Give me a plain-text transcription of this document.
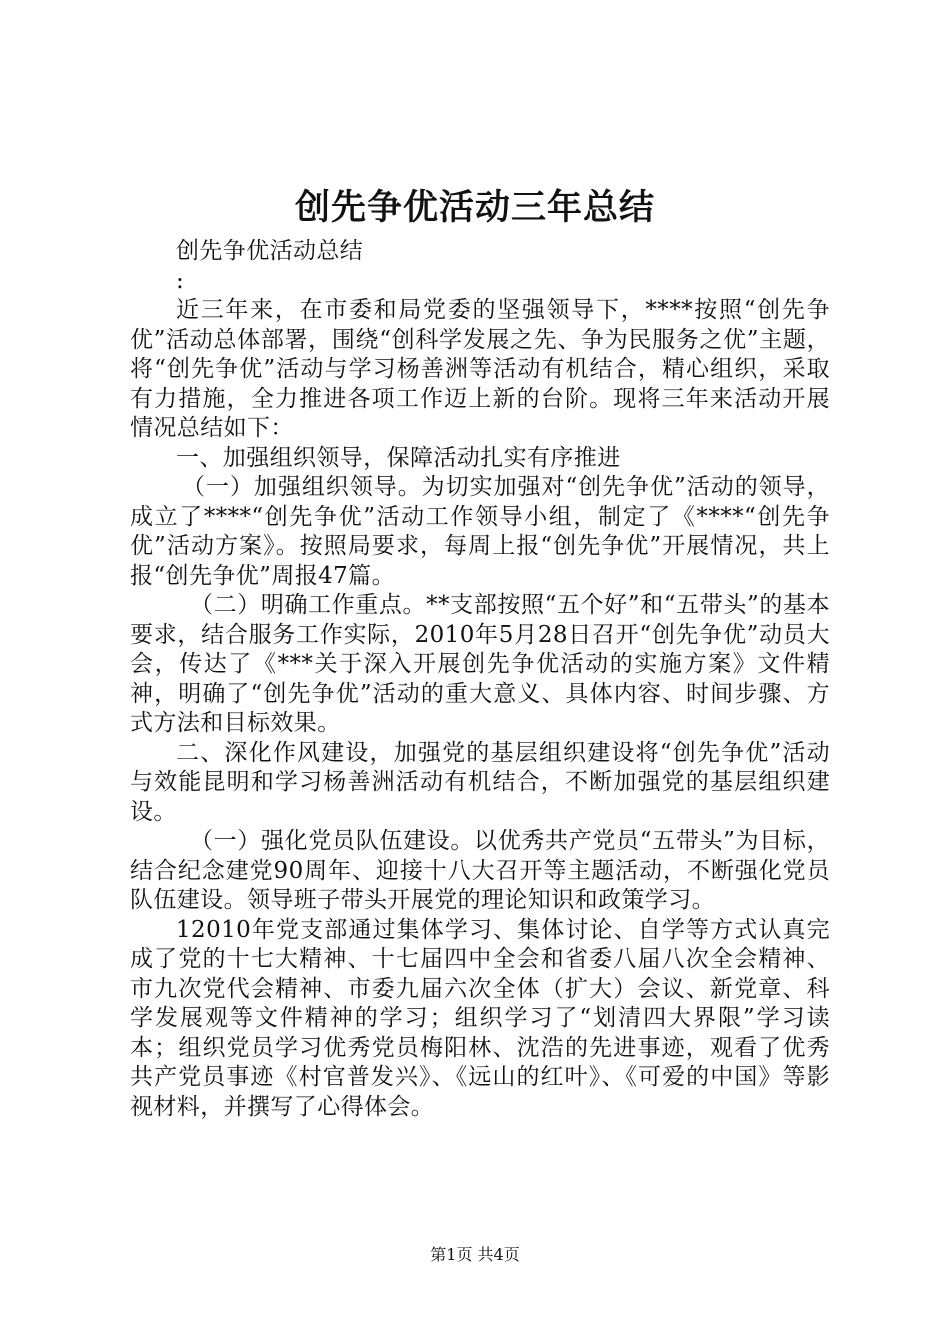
创先争优活动三年总结

创先争优活动总结

:

近三年来，在市委和局党委的坚强领导下，****按照“创先争优”活动总体部署，围绕“创科学发展之先、争为民服务之优”主题，将“创先争优”活动与学习杨善洲等活动有机结合，精心组织，采取有力措施，全力推进各项工作迈上新的台阶。现将三年来活动开展情况总结如下：

一、加强组织领导，保障活动扎实有序推进

（一）加强组织领导。为切实加强对“创先争优”活动的领导，成立了****“创先争优”活动工作领导小组，制定了《****“创先争优”活动方案》。按照局要求，每周上报“创先争优”开展情况，共上报“创先争优”周报47篇。

（二）明确工作重点。**支部按照“五个好”和“五带头”的基本要求，结合服务工作实际，2010年5月28日召开“创先争优”动员大会，传达了《***关于深入开展创先争优活动的实施方案》文件精神，明确了“创先争优”活动的重大意义、具体内容、时间步骤、方式方法和目标效果。

二、深化作风建设，加强党的基层组织建设将“创先争优”活动与效能昆明和学习杨善洲活动有机结合，不断加强党的基层组织建设。

（一）强化党员队伍建设。以优秀共产党员“五带头”为目标，结合纪念建党90周年、迎接十八大召开等主题活动，不断强化党员队伍建设。领导班子带头开展党的理论知识和政策学习。

12010年党支部通过集体学习、集体讨论、自学等方式认真完成了党的十七大精神、十七届四中全会和省委八届八次全会精神、市九次党代会精神、市委九届六次全体（扩大）会议、新党章、科学发展观等文件精神的学习；组织学习了“划清四大界限”学习读本；组织党员学习优秀党员梅阳林、沈浩的先进事迹，观看了优秀共产党员事迹《村官普发兴》、《远山的红叶》、《可爱的中国》等影视材料，并撰写了心得体会。

第1页 共4页
